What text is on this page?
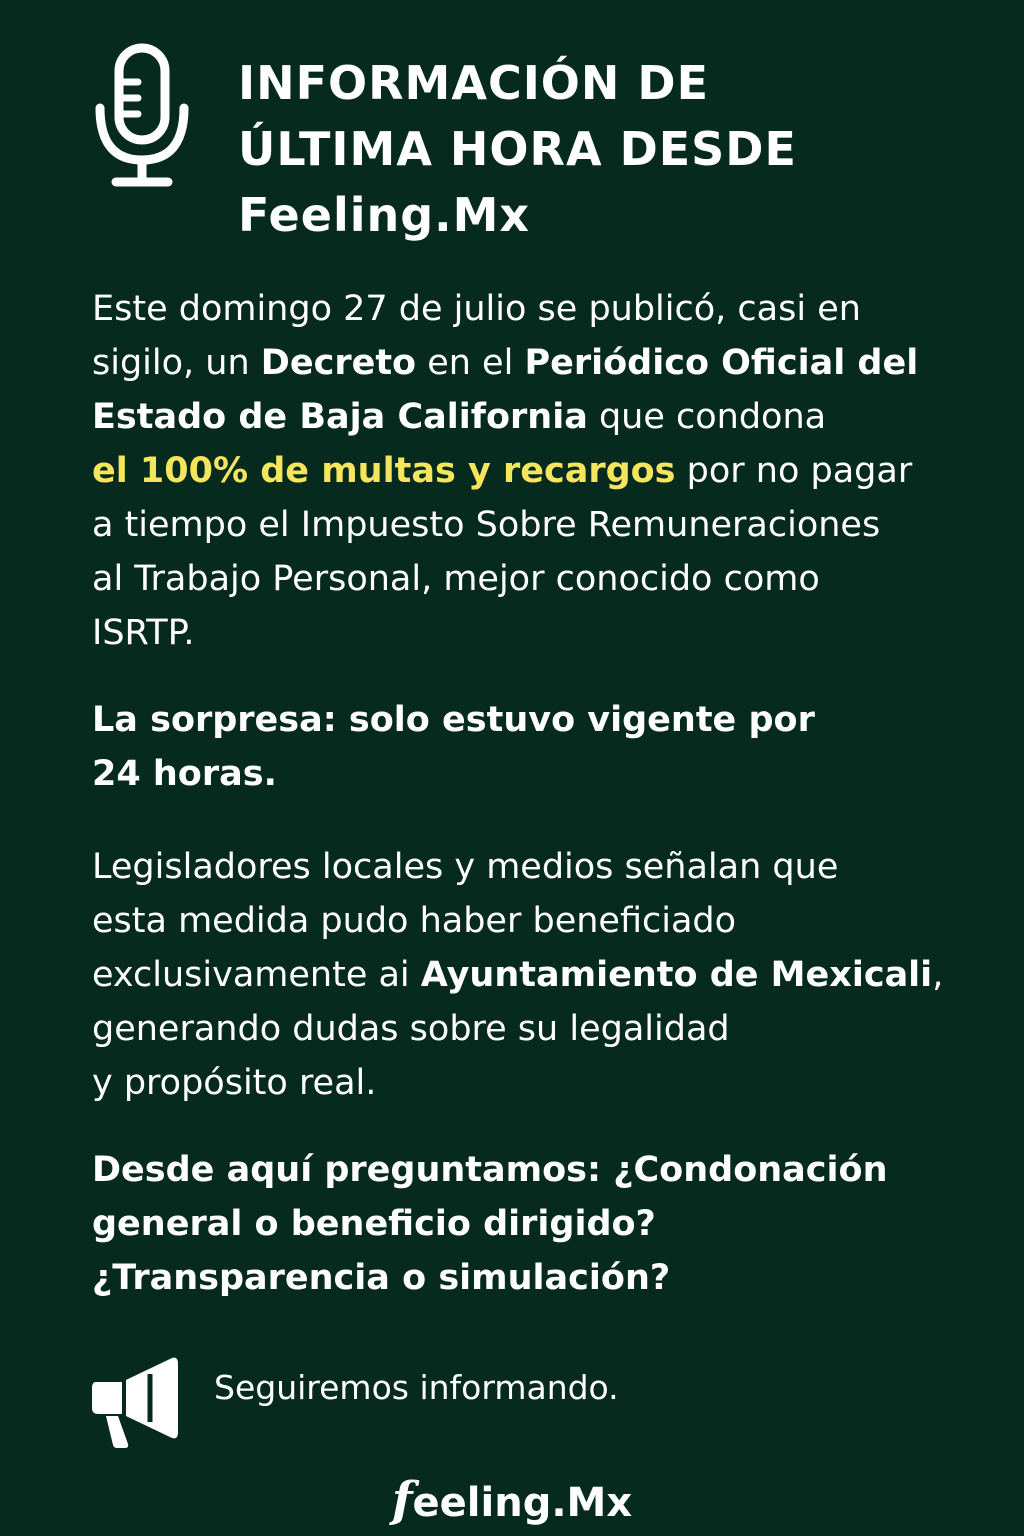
INFORMACIÓN DE
ÚLTIMA HORA DESDE
Feeling.Mx

Este domingo 27 de julio se publicó, casi en
sigilo, un Decreto en el Periódico Oficial del
Estado de Baja California que condona
el 100% de multas y recargos por no pagar
a tiempo el Impuesto Sobre Remuneraciones
al Trabajo Personal, mejor conocido como
ISRTP.

La sorpresa: solo estuvo vigente por
24 horas.

Legisladores locales y medios señalan que
esta medida pudo haber beneficiado
exclusivamente ai Ayuntamiento de Mexicali,
generando dudas sobre su legalidad
y propósito real.

Desde aquí preguntamos: ¿Condonación
general o beneficio dirigido?
¿Transparencia o simulación?

Seguiremos informando.
feeling.Mx
